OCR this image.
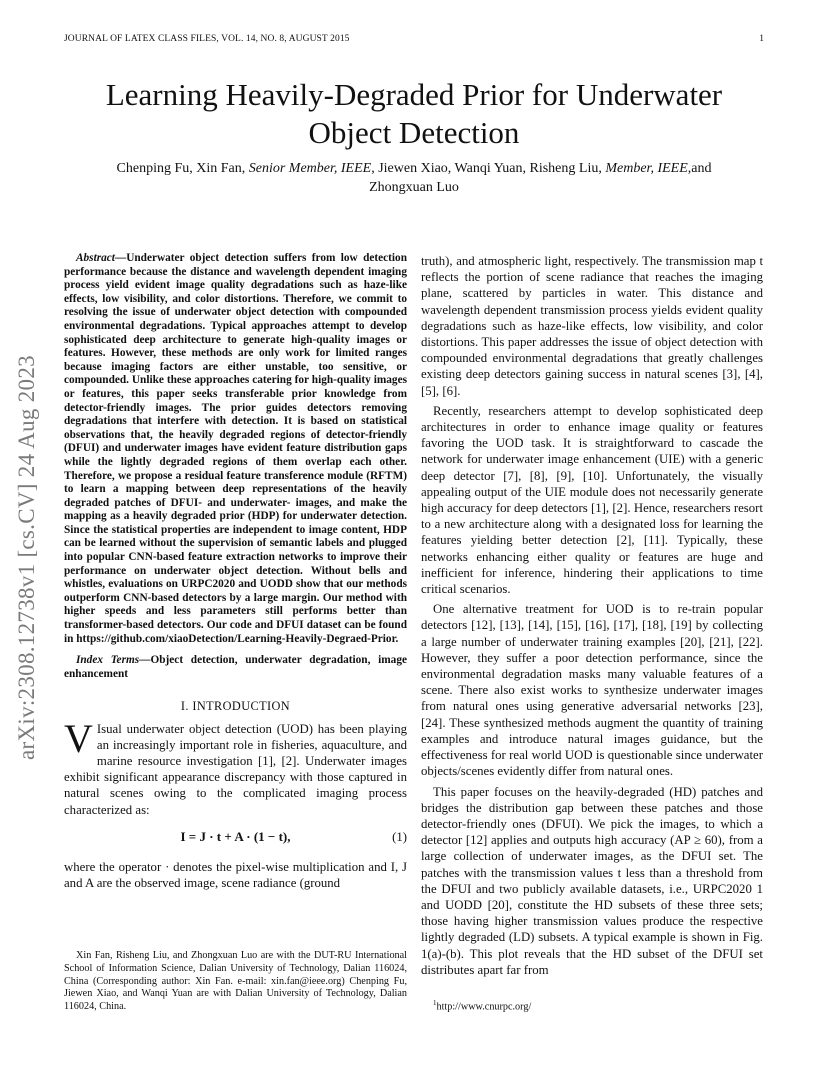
JOURNAL OF LATEX CLASS FILES, VOL. 14, NO. 8, AUGUST 2015	1
arXiv:2308.12738v1 [cs.CV] 24 Aug 2023
Learning Heavily-Degraded Prior for Underwater
Object Detection
Chenping Fu, Xin Fan, Senior Member, IEEE, Jiewen Xiao, Wanqi Yuan, Risheng Liu, Member, IEEE,and
Zhongxuan Luo

Abstract—Underwater object detection suffers from low detection performance because the distance and wavelength dependent imaging process yield evident image quality degradations such as haze-like effects, low visibility, and color distortions. Therefore, we commit to resolving the issue of underwater object detection with compounded environmental degradations. Typical approaches attempt to develop sophisticated deep architecture to generate high-quality images or features. However, these methods are only work for limited ranges because imaging factors are either unstable, too sensitive, or compounded. Unlike these approaches catering for high-quality images or features, this paper seeks transferable prior knowledge from detector-friendly images. The prior guides detectors removing degradations that interfere with detection. It is based on statistical observations that, the heavily degraded regions of detector-friendly (DFUI) and underwater images have evident feature distribution gaps while the lightly degraded regions of them overlap each other. Therefore, we propose a residual feature transference module (RFTM) to learn a mapping between deep representations of the heavily degraded patches of DFUI- and underwater- images, and make the mapping as a heavily degraded prior (HDP) for underwater detection. Since the statistical properties are independent to image content, HDP can be learned without the supervision of semantic labels and plugged into popular CNN-based feature extraction networks to improve their performance on underwater object detection. Without bells and whistles, evaluations on URPC2020 and UODD show that our methods outperform CNN-based detectors by a large margin. Our method with higher speeds and less parameters still performs better than transformer-based detectors. Our code and DFUI dataset can be found in https://github.com/xiaoDetection/Learning-Heavily-Degraed-Prior.

Index Terms—Object detection, underwater degradation, image enhancement

I. INTRODUCTION

V Isual underwater object detection (UOD) has been playing an increasingly important role in fisheries, aquaculture, and marine resource investigation [1], [2]. Underwater images exhibit significant appearance discrepancy with those captured in natural scenes owing to the complicated imaging process characterized as:

I = J · t + A · (1 − t),	(1)

where the operator · denotes the pixel-wise multiplication and I, J and A are the observed image, scene radiance (ground

truth), and atmospheric light, respectively. The transmission map t reflects the portion of scene radiance that reaches the imaging plane, scattered by particles in water. This distance and wavelength dependent transmission process yields evident quality degradations such as haze-like effects, low visibility, and color distortions. This paper addresses the issue of object detection with compounded environmental degradations that greatly challenges existing deep detectors gaining success in natural scenes [3], [4], [5], [6].

Recently, researchers attempt to develop sophisticated deep architectures in order to enhance image quality or features favoring the UOD task. It is straightforward to cascade the network for underwater image enhancement (UIE) with a generic deep detector [7], [8], [9], [10]. Unfortunately, the visually appealing output of the UIE module does not necessarily generate high accuracy for deep detectors [1], [2]. Hence, researchers resort to a new architecture along with a designated loss for learning the features yielding better detection [2], [11]. Typically, these networks enhancing either quality or features are huge and inefficient for inference, hindering their applications to time critical scenarios.

One alternative treatment for UOD is to re-train popular detectors [12], [13], [14], [15], [16], [17], [18], [19] by collecting a large number of underwater training examples [20], [21], [22]. However, they suffer a poor detection performance, since the environmental degradation masks many valuable features of a scene. There also exist works to synthesize underwater images from natural ones using generative adversarial networks [23], [24]. These synthesized methods augment the quantity of training examples and introduce natural images guidance, but the effectiveness for real world UOD is questionable since underwater objects/scenes evidently differ from natural ones.

This paper focuses on the heavily-degraded (HD) patches and bridges the distribution gap between these patches and those detector-friendly ones (DFUI). We pick the images, to which a detector [12] applies and outputs high accuracy (AP ≥ 60), from a large collection of underwater images, as the DFUI set. The patches with the transmission values t less than a threshold from the DFUI and two publicly available datasets, i.e., URPC2020 1 and UODD [20], constitute the HD subsets of these three sets; those having higher transmission values produce the respective lightly degraded (LD) subsets. A typical example is shown in Fig. 1(a)-(b). This plot reveals that the HD subset of the DFUI set distributes apart far from

Xin Fan, Risheng Liu, and Zhongxuan Luo are with the DUT-RU International School of Information Science, Dalian University of Technology, Dalian 116024, China (Corresponding author: Xin Fan. e-mail: xin.fan@ieee.org) Chenping Fu, Jiewen Xiao, and Wanqi Yuan are with Dalian University of Technology, Dalian 116024, China.	$^1$http://www.cnurpc.org/
